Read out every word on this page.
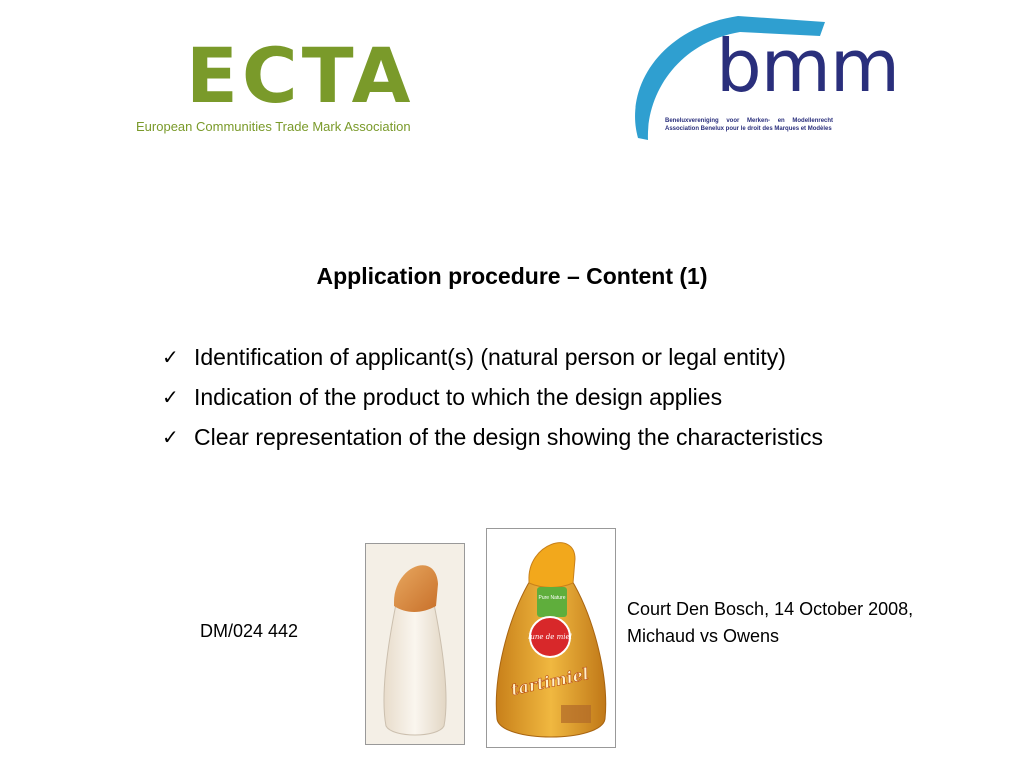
ECTA
European Communities Trade Mark Association
bmm
Beneluxvereniging voor Merken- en Modellenrecht
Association Benelux pour le droit des Marques et Modèles
Application procedure – Content (1)
✓ Identification of applicant(s) (natural person or legal entity)
✓ Indication of the product to which the design applies
✓ Clear representation of the design showing the characteristics
DM/024 442
Pure Nature
lune de miel
tartimiel
Court Den Bosch, 14 October 2008,
Michaud vs Owens
